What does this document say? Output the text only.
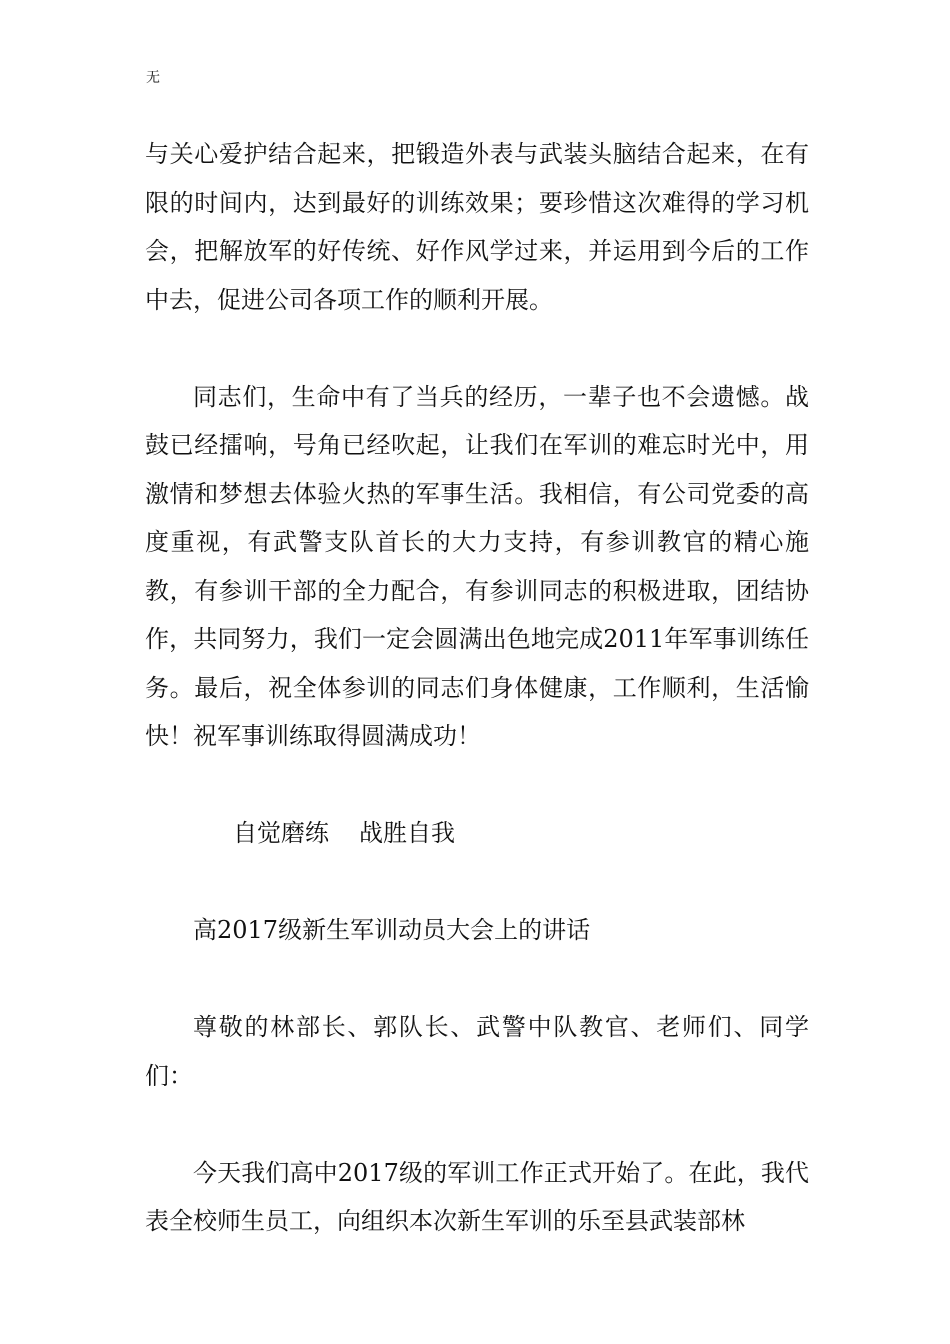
无

与关心爱护结合起来，把锻造外表与武装头脑结合起来，在有限的时间内，达到最好的训练效果；要珍惜这次难得的学习机会，把解放军的好传统、好作风学过来，并运用到今后的工作中去，促进公司各项工作的顺利开展。

同志们，生命中有了当兵的经历，一辈子也不会遗憾。战鼓已经擂响，号角已经吹起，让我们在军训的难忘时光中，用激情和梦想去体验火热的军事生活。我相信，有公司党委的高度重视，有武警支队首长的大力支持，有参训教官的精心施教，有参训干部的全力配合，有参训同志的积极进取，团结协作，共同努力，我们一定会圆满出色地完成2011年军事训练任务。最后，祝全体参训的同志们身体健康，工作顺利，生活愉快！祝军事训练取得圆满成功！

自觉磨练 战胜自我

高2017级新生军训动员大会上的讲话

尊敬的林部长、郭队长、武警中队教官、老师们、同学们：

今天我们高中2017级的军训工作正式开始了。在此，我代表全校师生员工，向组织本次新生军训的乐至县武装部林
